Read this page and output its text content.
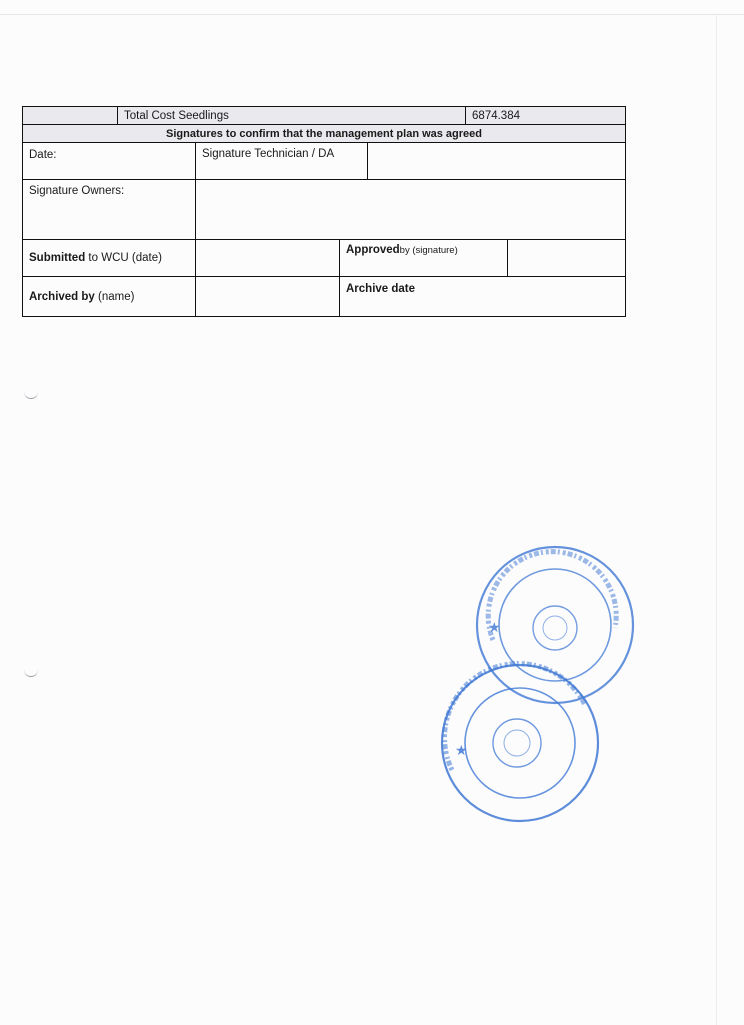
	Total Cost Seedlings				6874.384	
Signatures to confirm that the management plan was agreed						
Date:		Signature Technician / DA				
Signature Owners:						
Submitted to WCU (date)			Approvedby (signature)			
Archived by (name)			Archive date			
★
★
